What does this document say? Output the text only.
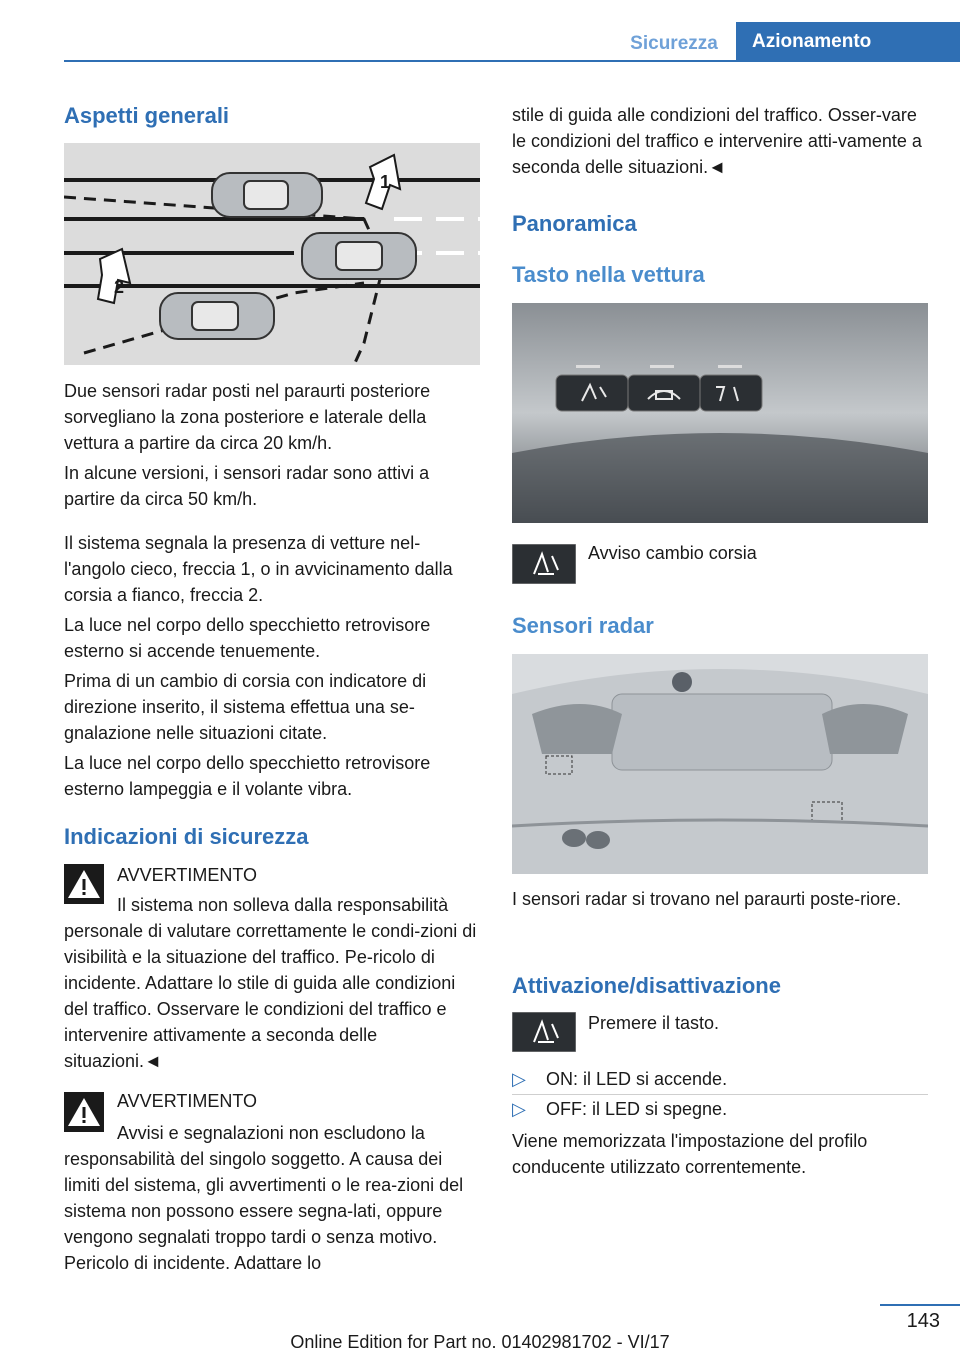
Sicurezza	Azionamento
Aspetti generali
1
2

Due sensori radar posti nel paraurti posteriore sorvegliano la zona posteriore e laterale della vettura a partire da circa 20 km/h.

In alcune versioni, i sensori radar sono attivi a partire da circa 50 km/h.

Il sistema segnala la presenza di vetture nel-l'angolo cieco, freccia 1, o in avvicinamento dalla corsia a fianco, freccia 2.

La luce nel corpo dello specchietto retrovisore esterno si accende tenuemente.

Prima di un cambio di corsia con indicatore di direzione inserito, il sistema effettua una se-gnalazione nelle situazioni citate.

La luce nel corpo dello specchietto retrovisore esterno lampeggia e il volante vibra.

Indicazioni di sicurezza

AVVERTIMENTO

Il sistema non solleva dalla responsabilità

personale di valutare correttamente le condi-zioni di visibilità e la situazione del traffico. Pe-ricolo di incidente. Adattare lo stile di guida alle condizioni del traffico. Osservare le condizioni del traffico e intervenire attivamente a seconda delle situazioni.◄

AVVERTIMENTO

Avvisi e segnalazioni non escludono la

responsabilità del singolo soggetto. A causa dei limiti del sistema, gli avvertimenti o le rea-zioni del sistema non possono essere segna-lati, oppure vengono segnalati troppo tardi o senza motivo. Pericolo di incidente. Adattare lo

stile di guida alle condizioni del traffico. Osser-vare le condizioni del traffico e intervenire atti-vamente a seconda delle situazioni.◄

Panoramica
Tasto nella vettura

Avviso cambio corsia

Sensori radar

I sensori radar si trovano nel paraurti poste-riore.

Attivazione/disattivazione

Premere il tasto.

▷ ON: il LED si accende.
▷ OFF: il LED si spegne.

Viene memorizzata l'impostazione del profilo conducente utilizzato correntemente.

143
Online Edition for Part no. 01402981702 - VI/17
